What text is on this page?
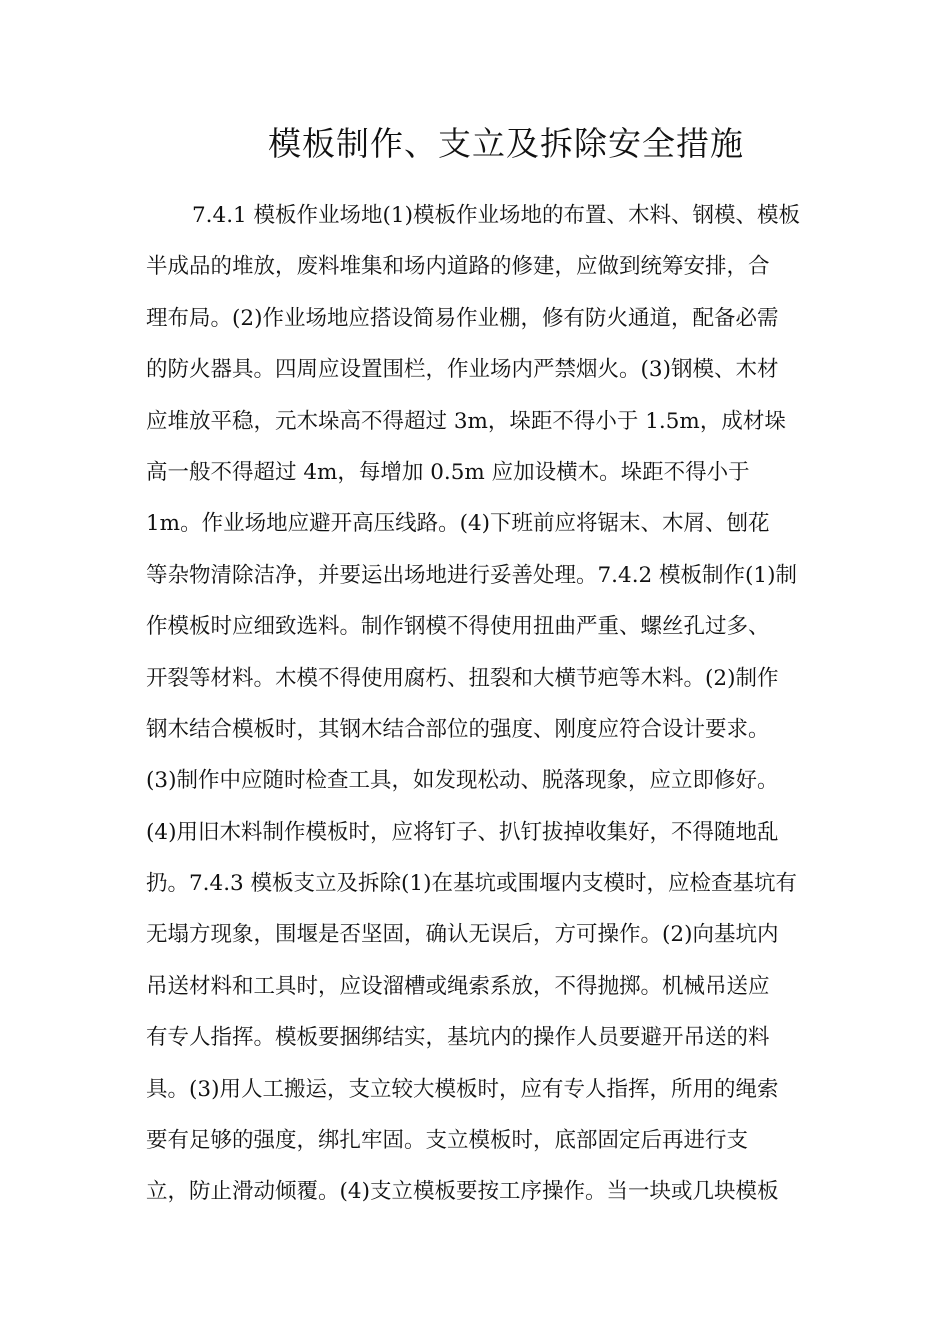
模板制作、支立及拆除安全措施
7.4.1 模板作业场地(1)模板作业场地的布置、木料、钢模、模板
半成品的堆放，废料堆集和场内道路的修建，应做到统筹安排，合
理布局。(2)作业场地应搭设简易作业棚，修有防火通道，配备必需
的防火器具。四周应设置围栏，作业场内严禁烟火。(3)钢模、木材
应堆放平稳，元木垛高不得超过 3m，垛距不得小于 1.5m，成材垛
高一般不得超过 4m，每增加 0.5m 应加设横木。垛距不得小于
1m。作业场地应避开高压线路。(4)下班前应将锯末、木屑、刨花
等杂物清除洁净，并要运出场地进行妥善处理。7.4.2 模板制作(1)制
作模板时应细致选料。制作钢模不得使用扭曲严重、螺丝孔过多、
开裂等材料。木模不得使用腐朽、扭裂和大横节疤等木料。(2)制作
钢木结合模板时，其钢木结合部位的强度、刚度应符合设计要求。
(3)制作中应随时检查工具，如发现松动、脱落现象，应立即修好。
(4)用旧木料制作模板时，应将钉子、扒钉拔掉收集好，不得随地乱
扔。7.4.3 模板支立及拆除(1)在基坑或围堰内支模时，应检查基坑有
无塌方现象，围堰是否坚固，确认无误后，方可操作。(2)向基坑内
吊送材料和工具时，应设溜槽或绳索系放，不得抛掷。机械吊送应
有专人指挥。模板要捆绑结实，基坑内的操作人员要避开吊送的料
具。(3)用人工搬运，支立较大模板时，应有专人指挥，所用的绳索
要有足够的强度，绑扎牢固。支立模板时，底部固定后再进行支
立，防止滑动倾覆。(4)支立模板要按工序操作。当一块或几块模板
